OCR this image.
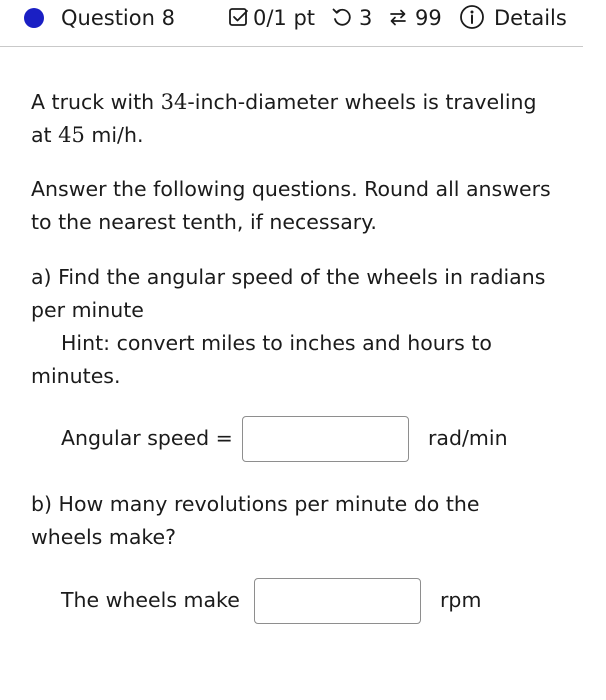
Question 8	0/1 pt 3 99 Details
A truck with 34-inch-diameter wheels is traveling
at 45 mi/h.
Answer the following questions. Round all answers
to the nearest tenth, if necessary.
a) Find the angular speed of the wheels in radians
per minute
Hint: convert miles to inches and hours to
minutes.
Angular speed =	rad/min
b) How many revolutions per minute do the
wheels make?
The wheels make	rpm
